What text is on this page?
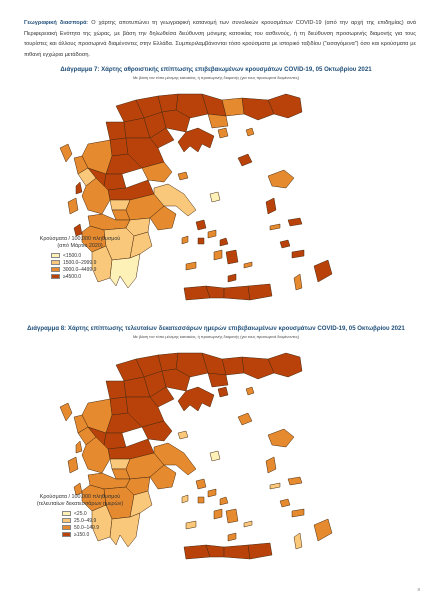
Γεωγραφική διασπορά: Ο χάρτης αποτυπώνει τη γεωγραφική κατανομή των συνολικών κρουσμάτων COVID-19 (από την αρχή της επιδημίας) ανά Περιφερειακή Ενότητα της χώρας, με βάση την δηλωθείσα διεύθυνση μόνιμης κατοικίας του ασθενούς, ή τη διεύθυνση προσωρινής διαμονής για τους τουρίστες και άλλους προσωρινά διαμένοντες στην Ελλάδα. Συμπεριλαμβάνονται τόσο κρούσματα με ιστορικό ταξιδίου (“εισαγόμενα”) όσο και κρούσματα με πιθανή εγχώρια μετάδοση.
Διάγραμμα 7: Χάρτης αθροιστικής επίπτωσης επιβεβαιωμένων κρουσμάτων COVID-19, 05 Οκτωβρίου 2021
Με βάση τον τόπο μόνιμης κατοικίας, ή προσωρινής διαμονής (για τους προσωρινά διαμένοντες)
Κρούσματα / 100.000 πληθυσμού
(από Μάρτιο 2020)
<1500.0
1500.0–2999.9
3000.0–4499.9
≥4500.0
Διάγραμμα 8: Χάρτης επίπτωσης τελευταίων δεκατεσσάρων ημερών επιβεβαιωμένων κρουσμάτων COVID-19, 05 Οκτωβρίου 2021
Με βάση τον τόπο μόνιμης κατοικίας, ή προσωρινής διαμονής (για τους προσωρινά διαμένοντες)
Κρούσματα / 100.000 πληθυσμού
(τελευταίων δεκατεσσάρων ημερών)
<25.0
25.0–49.9
50.0–149.9
≥150.0
8
